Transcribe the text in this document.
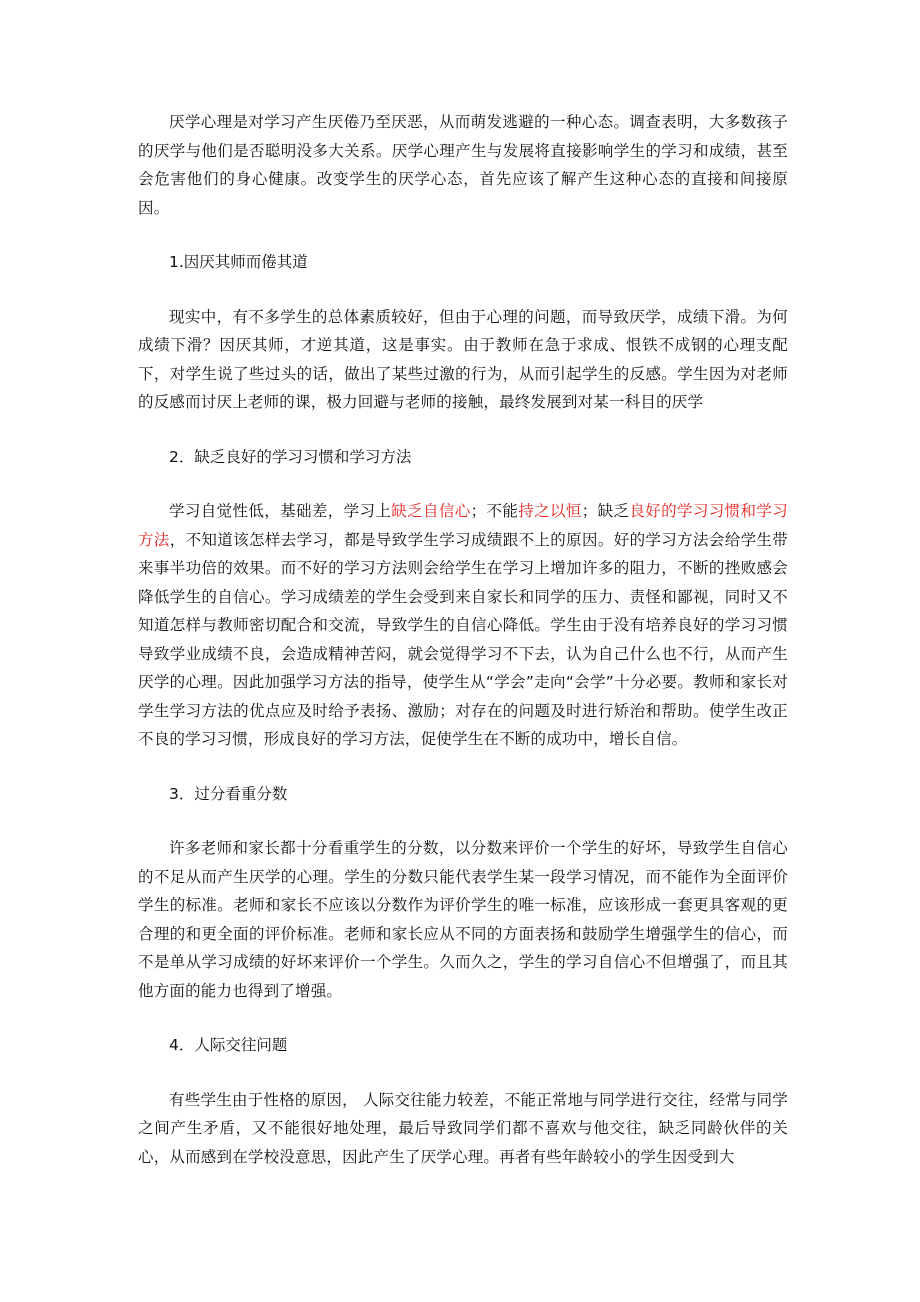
厌学心理是对学习产生厌倦乃至厌恶，从而萌发逃避的一种心态。调查表明，大多数孩子的厌学与他们是否聪明没多大关系。厌学心理产生与发展将直接影响学生的学习和成绩，甚至会危害他们的身心健康。改变学生的厌学心态，首先应该了解产生这种心态的直接和间接原因。

1.因厌其师而倦其道

现实中，有不多学生的总体素质较好，但由于心理的问题，而导致厌学，成绩下滑。为何成绩下滑？因厌其师，才逆其道，这是事实。由于教师在急于求成、恨铁不成钢的心理支配下，对学生说了些过头的话，做出了某些过激的行为，从而引起学生的反感。学生因为对老师的反感而讨厌上老师的课，极力回避与老师的接触，最终发展到对某一科目的厌学

2．缺乏良好的学习习惯和学习方法

学习自觉性低，基础差，学习上缺乏自信心；不能持之以恒；缺乏良好的学习习惯和学习方法，不知道该怎样去学习，都是导致学生学习成绩跟不上的原因。好的学习方法会给学生带来事半功倍的效果。而不好的学习方法则会给学生在学习上增加许多的阻力，不断的挫败感会降低学生的自信心。学习成绩差的学生会受到来自家长和同学的压力、责怪和鄙视，同时又不知道怎样与教师密切配合和交流，导致学生的自信心降低。学生由于没有培养良好的学习习惯导致学业成绩不良，会造成精神苦闷，就会觉得学习不下去，认为自己什么也不行，从而产生厌学的心理。因此加强学习方法的指导，使学生从“学会”走向“会学”十分必要。教师和家长对学生学习方法的优点应及时给予表扬、激励；对存在的问题及时进行矫治和帮助。使学生改正不良的学习习惯，形成良好的学习方法，促使学生在不断的成功中，增长自信。

3．过分看重分数

许多老师和家长都十分看重学生的分数，以分数来评价一个学生的好坏，导致学生自信心的不足从而产生厌学的心理。学生的分数只能代表学生某一段学习情况，而不能作为全面评价学生的标准。老师和家长不应该以分数作为评价学生的唯一标准，应该形成一套更具客观的更合理的和更全面的评价标准。老师和家长应从不同的方面表扬和鼓励学生增强学生的信心，而不是单从学习成绩的好坏来评价一个学生。久而久之，学生的学习自信心不但增强了，而且其他方面的能力也得到了增强。

4．人际交往问题

有些学生由于性格的原因， 人际交往能力较差，不能正常地与同学进行交往，经常与同学之间产生矛盾，又不能很好地处理，最后导致同学们都不喜欢与他交往，缺乏同龄伙伴的关心，从而感到在学校没意思，因此产生了厌学心理。再者有些年龄较小的学生因受到大
